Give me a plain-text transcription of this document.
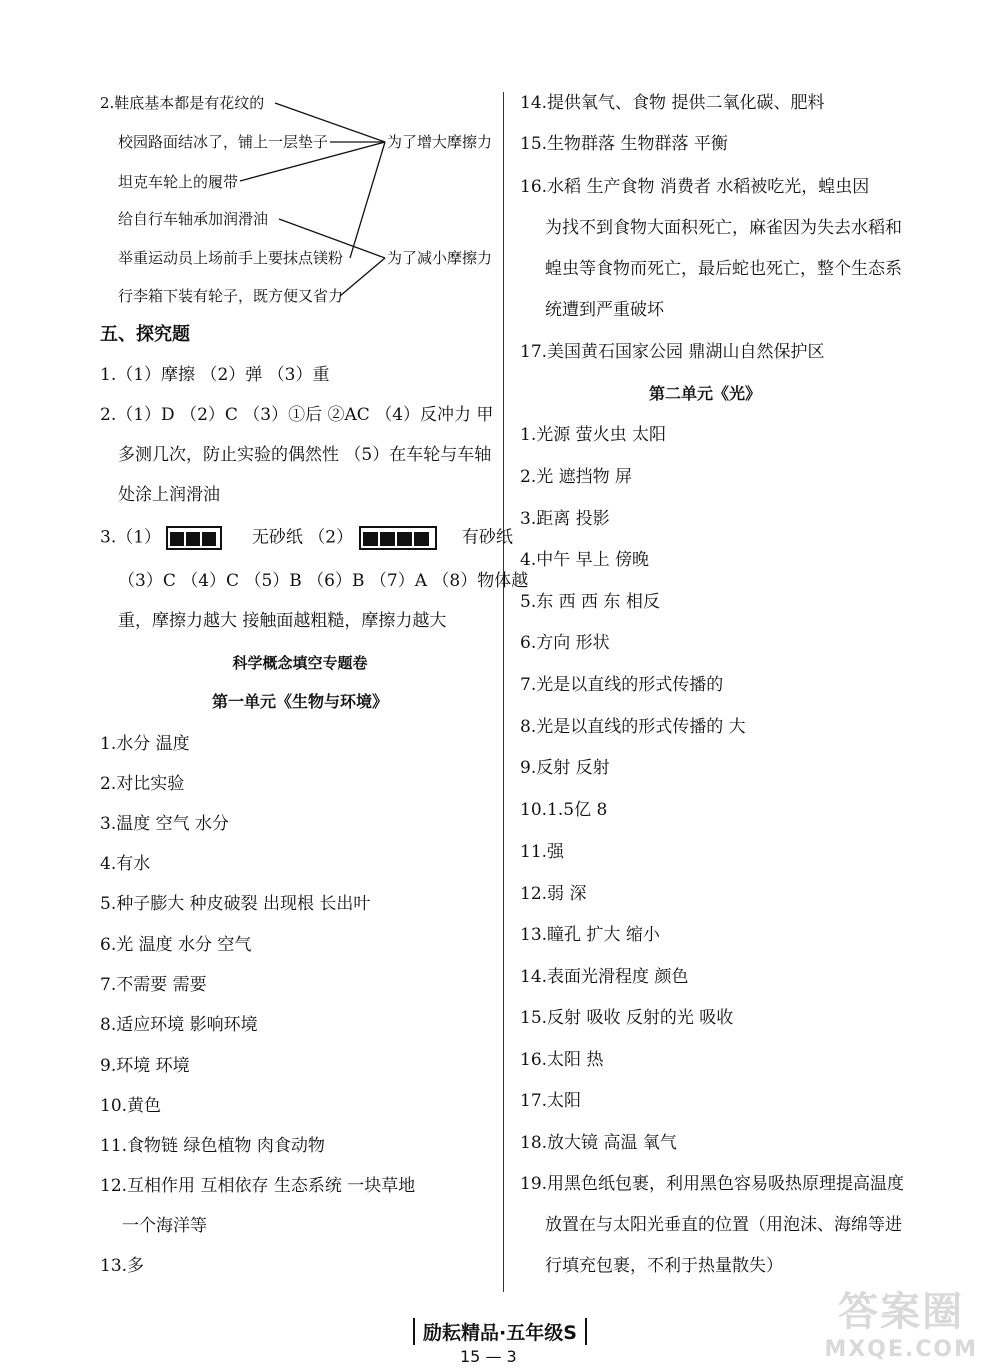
2.鞋底基本都是有花纹的
校园路面结冰了，铺上一层垫子
坦克车轮上的履带
给自行车轴承加润滑油
举重运动员上场前手上要抹点镁粉
行李箱下装有轮子，既方便又省力
为了增大摩擦力
为了减小摩擦力
五、探究题
1.（1）摩擦 （2）弹 （3）重
2.（1）D （2）C （3）①后 ②AC （4）反冲力 甲
多测几次，防止实验的偶然性 （5）在车轮与车轴
处涂上润滑油
3.（1）	无砂纸 （2）	有砂纸
（3）C （4）C （5）B （6）B （7）A （8）物体越
重，摩擦力越大 接触面越粗糙，摩擦力越大
科学概念填空专题卷
第一单元《生物与环境》
1.水分 温度
2.对比实验
3.温度 空气 水分
4.有水
5.种子膨大 种皮破裂 出现根 长出叶
6.光 温度 水分 空气
7.不需要 需要
8.适应环境 影响环境
9.环境 环境
10.黄色
11.食物链 绿色植物 肉食动物
12.互相作用 互相依存 生态系统 一块草地
一个海洋等
13.多
14.提供氧气、食物 提供二氧化碳、肥料
15.生物群落 生物群落 平衡
16.水稻 生产食物 消费者 水稻被吃光，蝗虫因
为找不到食物大面积死亡，麻雀因为失去水稻和
蝗虫等食物而死亡，最后蛇也死亡，整个生态系
统遭到严重破坏
17.美国黄石国家公园 鼎湖山自然保护区
第二单元《光》
1.光源 萤火虫 太阳
2.光 遮挡物 屏
3.距离 投影
4.中午 早上 傍晚
5.东 西 西 东 相反
6.方向 形状
7.光是以直线的形式传播的
8.光是以直线的形式传播的 大
9.反射 反射
10.1.5亿 8
11.强
12.弱 深
13.瞳孔 扩大 缩小
14.表面光滑程度 颜色
15.反射 吸收 反射的光 吸收
16.太阳 热
17.太阳
18.放大镜 高温 氧气
19.用黑色纸包裹，利用黑色容易吸热原理提高温度
放置在与太阳光垂直的位置（用泡沫、海绵等进
行填充包裹，不利于热量散失）
励耘精品·五年级S
15 — 3
答案圈
MXQE.COM
